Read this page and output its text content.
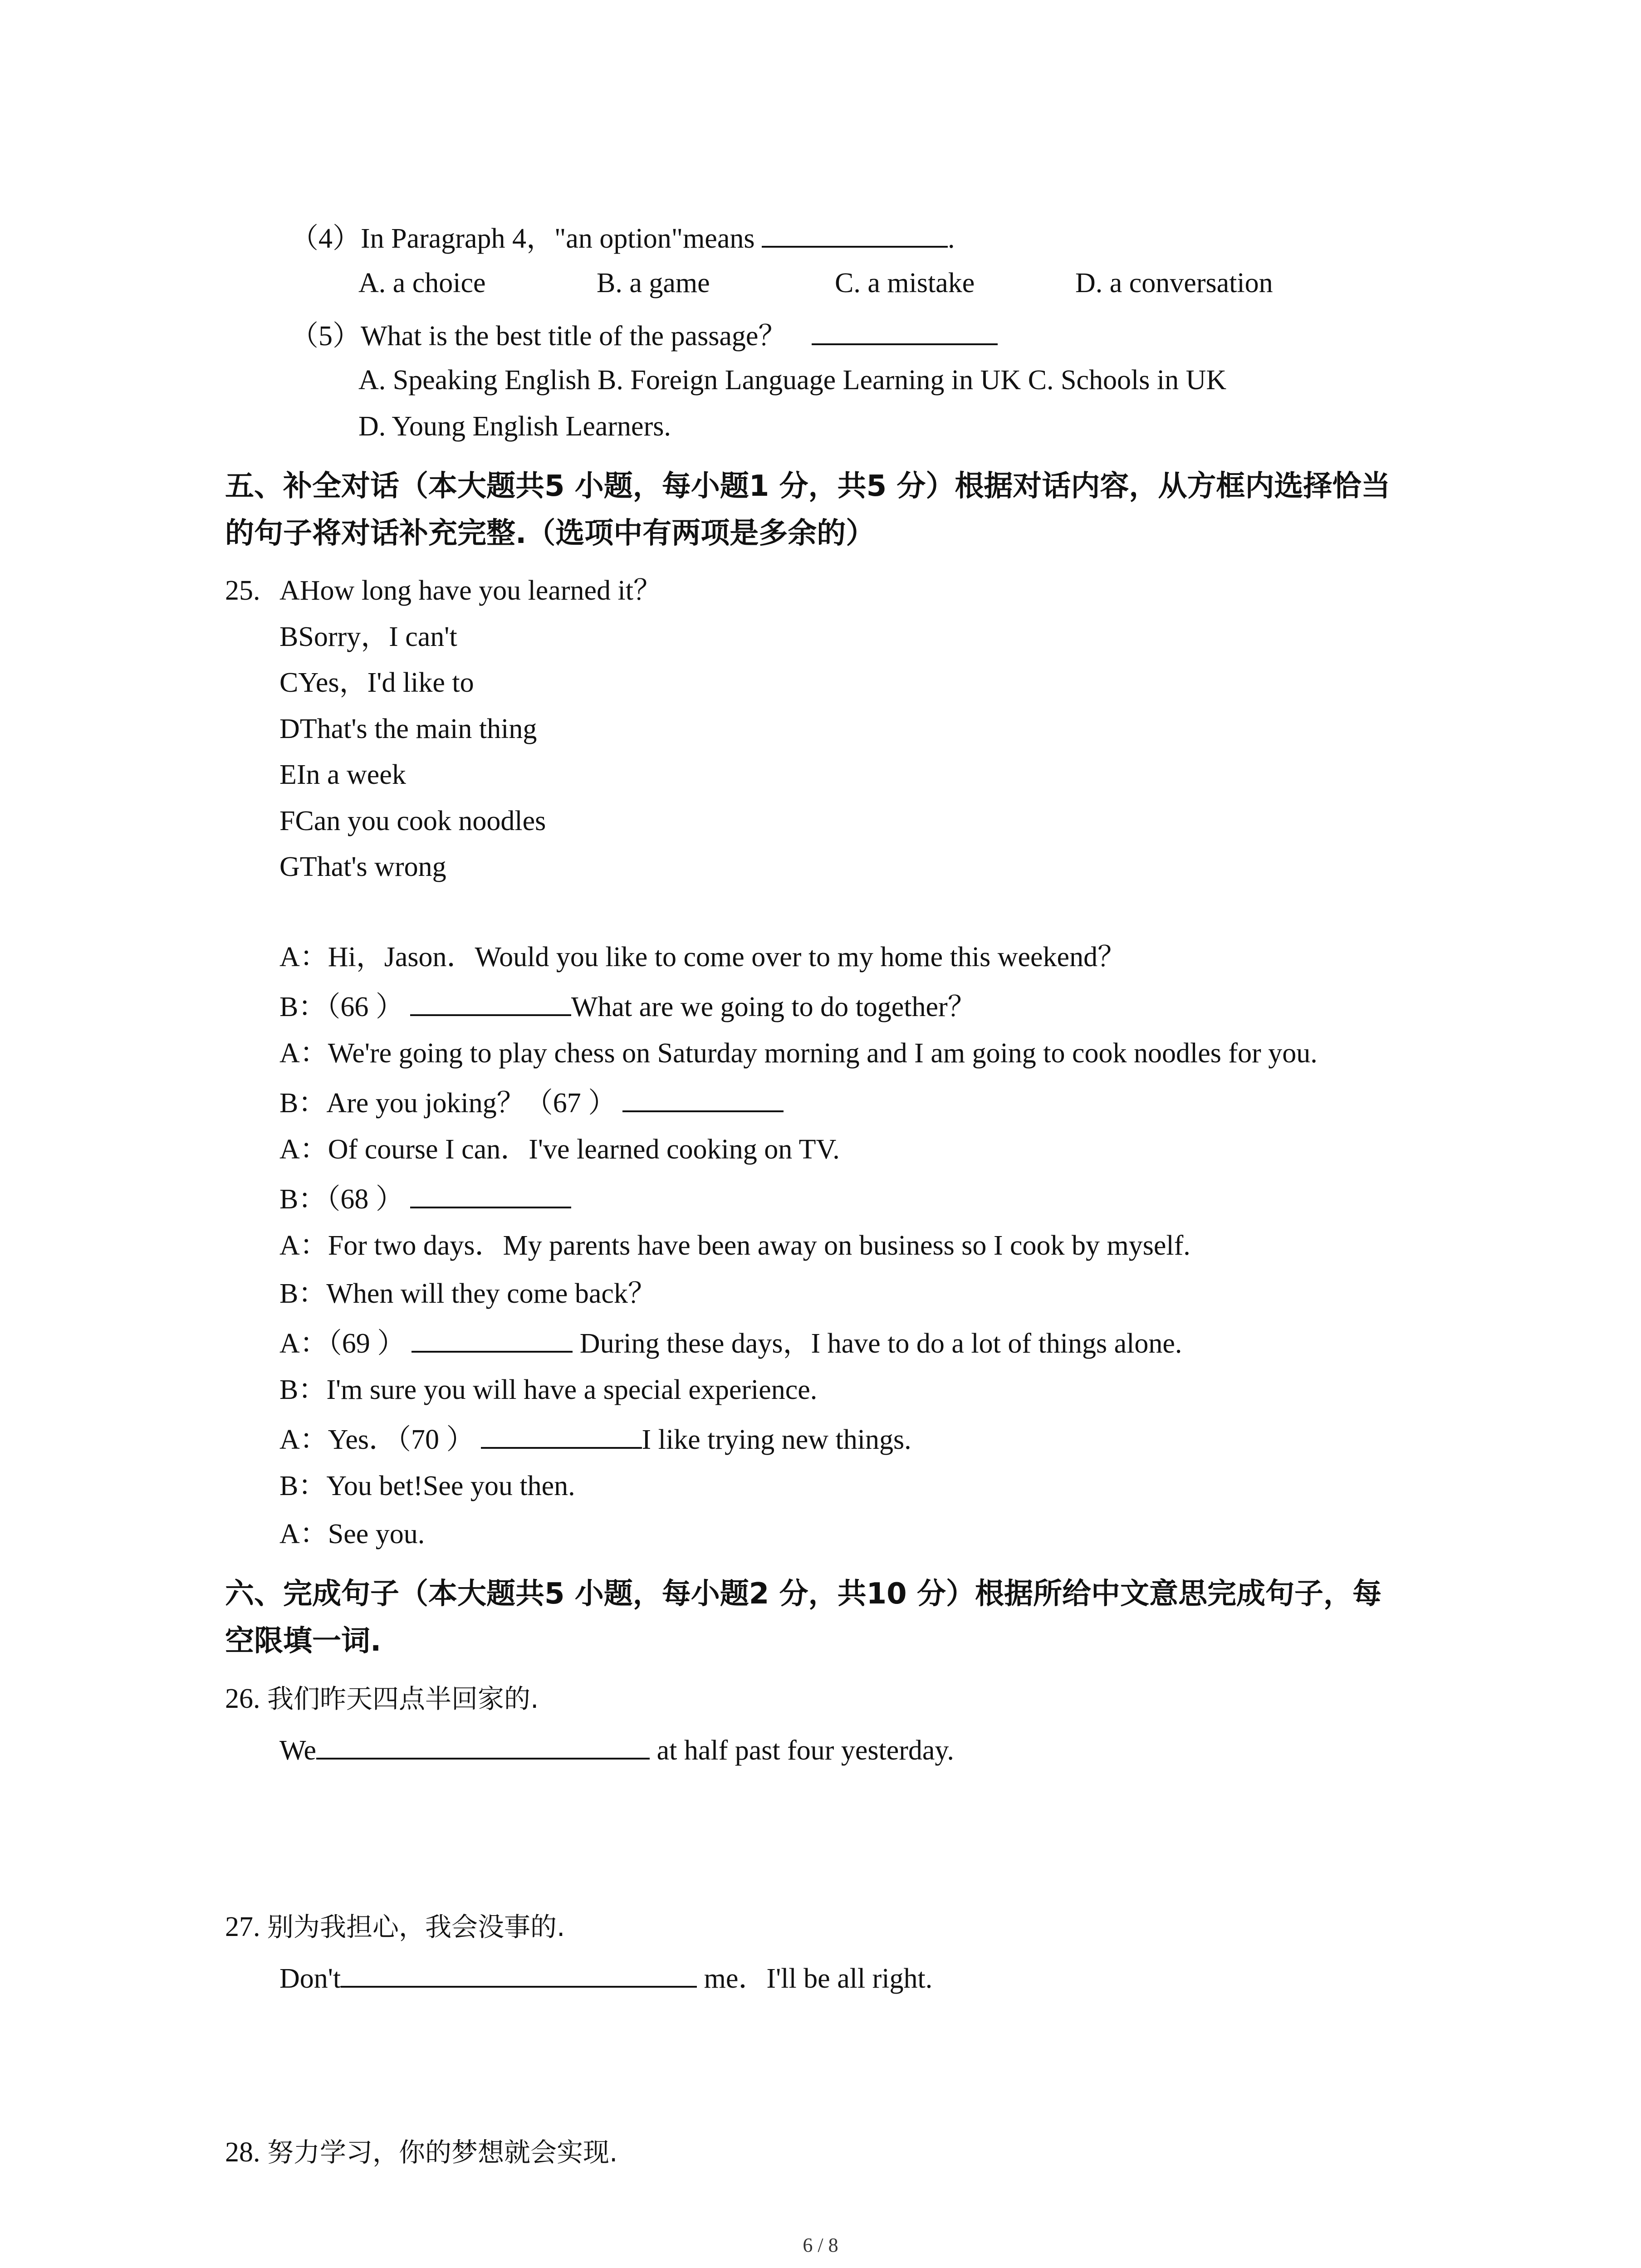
（4）In Paragraph 4，"an option"means	.
A. a choice	B. a game	C. a mistake	D. a conversation
（5）What is the best title of the passage？
A. Speaking English B. Foreign Language Learning in UK C. Schools in UK
D. Young English Learners.
五、补全对话（本大题共5 小题，每小题1 分，共5 分）根据对话内容，从方框内选择恰当
的句子将对话补充完整.（选项中有两项是多余的）
25. AHow long have you learned it？
BSorry，I can't
CYes，I'd like to
DThat's the main thing
EIn a week
FCan you cook noodles
GThat's wrong
A：Hi，Jason．Would you like to come over to my home this weekend？
B：（66 ）	What are we going to do together？
A：We're going to play chess on Saturday morning and I am going to cook noodles for you.
B：Are you joking？（67 ）
A：Of course I can．I've learned cooking on TV.
B：（68 ）
A：For two days．My parents have been away on business so I cook by myself.
B：When will they come back？
A：（69 ）	During these days，I have to do a lot of things alone.
B：I'm sure you will have a special experience.
A：Yes．（70 ）	I like trying new things.
B：You bet!See you then.
A：See you.
六、完成句子（本大题共5 小题，每小题2 分，共10 分）根据所给中文意思完成句子，每
空限填一词.
26. 我们昨天四点半回家的.
We	at half past four yesterday.
27. 别为我担心，我会没事的.
Don't	me．I'll be all right.
28. 努力学习，你的梦想就会实现.
6 / 8
